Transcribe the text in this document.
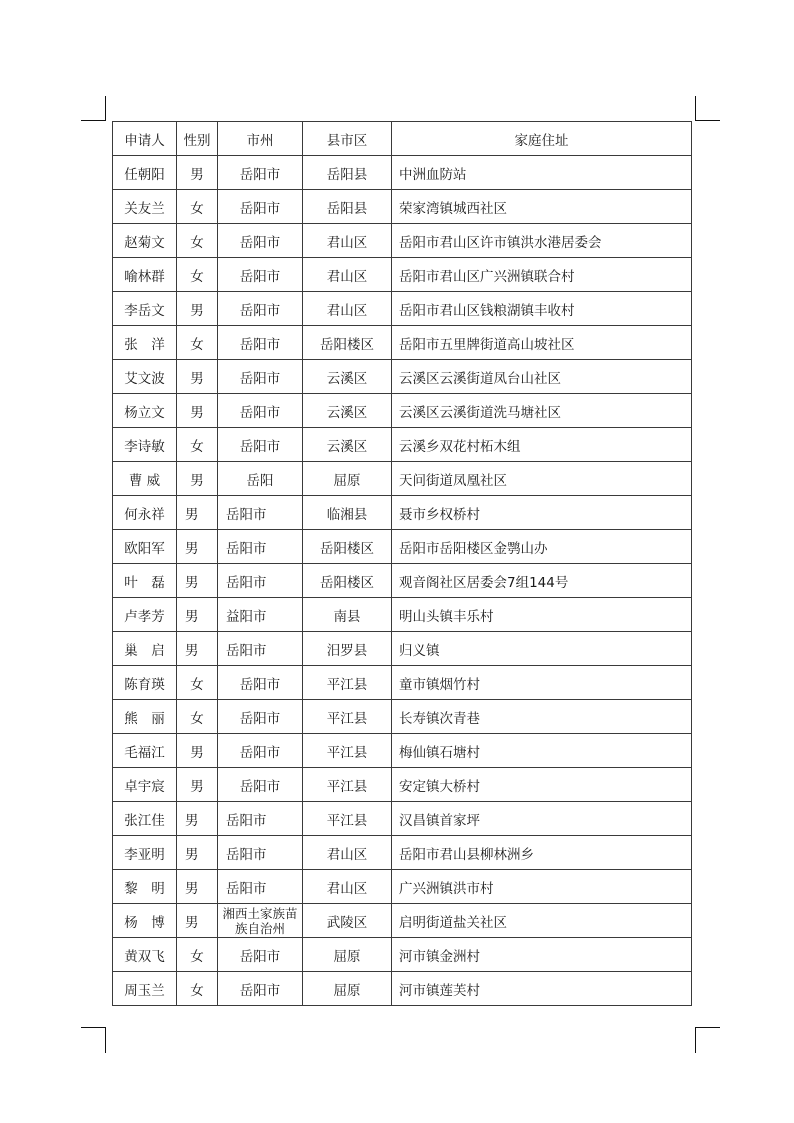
申请人	性别	市州	县市区	家庭住址
任朝阳	男	岳阳市	岳阳县	中洲血防站
关友兰	女	岳阳市	岳阳县	荣家湾镇城西社区
赵菊文	女	岳阳市	君山区	岳阳市君山区许市镇洪水港居委会
喻林群	女	岳阳市	君山区	岳阳市君山区广兴洲镇联合村
李岳文	男	岳阳市	君山区	岳阳市君山区钱粮湖镇丰收村
张　洋	女	岳阳市	岳阳楼区	岳阳市五里牌街道高山坡社区
艾文波	男	岳阳市	云溪区	云溪区云溪街道凤台山社区
杨立文	男	岳阳市	云溪区	云溪区云溪街道洗马塘社区
李诗敏	女	岳阳市	云溪区	云溪乡双花村柘木组
曹 威	男	岳阳	屈原	天问街道凤凰社区
何永祥	男	岳阳市	临湘县	聂市乡权桥村
欧阳军	男	岳阳市	岳阳楼区	岳阳市岳阳楼区金鹗山办
叶　磊	男	岳阳市	岳阳楼区	观音阁社区居委会7组144号
卢孝芳	男	益阳市	南县	明山头镇丰乐村
巢　启	男	岳阳市	汨罗县	归义镇
陈育瑛	女	岳阳市	平江县	童市镇烟竹村
熊　丽	女	岳阳市	平江县	长寿镇次青巷
毛福江	男	岳阳市	平江县	梅仙镇石塘村
卓宇宸	男	岳阳市	平江县	安定镇大桥村
张江佳	男	岳阳市	平江县	汉昌镇首家坪
李亚明	男	岳阳市	君山区	岳阳市君山县柳林洲乡
黎　明	男	岳阳市	君山区	广兴洲镇洪市村
杨　博	男	湘西土家族苗族自治州	武陵区	启明街道盐关社区
黄双飞	女	岳阳市	屈原	河市镇金洲村
周玉兰	女	岳阳市	屈原	河市镇莲芙村
